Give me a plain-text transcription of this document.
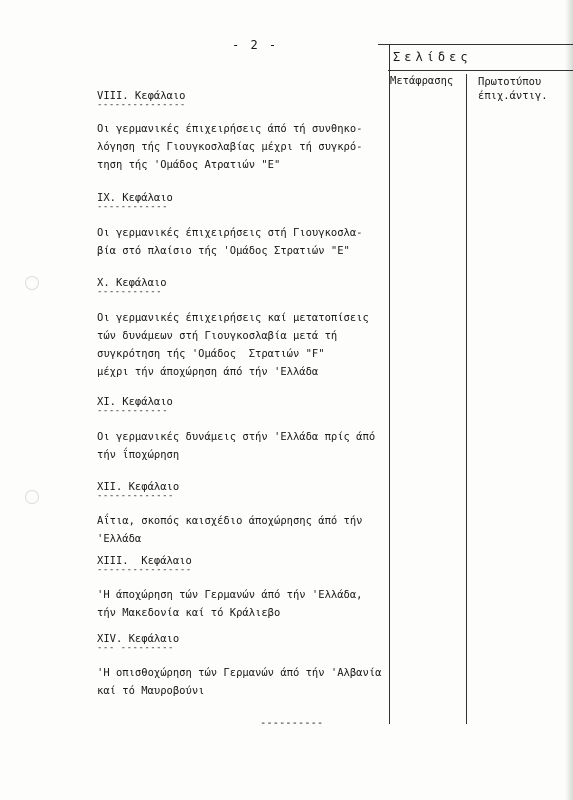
- 2 -
Σελίδες
Μετάφρασης Πρωτοτύπου
έπιχ.άντιγ.
VIII. Κεφάλαιο
---------------
Οι γερμανικές έπιχειρήσεις άπό τή συνθηκο-
λόγηση τής Γιουγκοσλαβίας μέχρι τή συγκρό-
τηση τής 'Ομάδος Ατρατιών "Ε"
IX. Κεφάλαιο
------------
Οι γερμανικές έπιχειρήσεις στή Γιουγκοσλα-
βία στό πλαίσιο τής 'Ομάδος Στρατιών "Ε"
X. Κεφάλαιο
-----------
Οι γερμανικές έπιχειρήσεις καί μετατοπίσεις
τών δυνάμεων στή Γιουγκοσλαβία μετά τή
συγκρότηση τής 'Ομάδος  Στρατιών "F"
μέχρι τήν άποχώρηση άπό τήν 'Ελλάδα
XI. Κεφάλαιο
------------
Οι γερμανικές δυνάμεις στήν 'Ελλάδα πρίς άπό
τήν ΐποχώρηση
XII. Κεφάλαιο
-------------
Αΐτια, σκοπός καισχέδιο άποχώρησης άπό τήν
'Ελλάδα
XIII.  Κεφάλαιο
----------------
'Η άποχώρηση τών Γερμανών άπό τήν 'Ελλάδα,
τήν Μακεδονία καί τό Κράλιεβο
XIV. Κεφάλαιο
--- ---------
'Η οπισθοχώρηση τών Γερμανών άπό τήν 'Αλβανία
καί τό Μαυροβούνι
----------
